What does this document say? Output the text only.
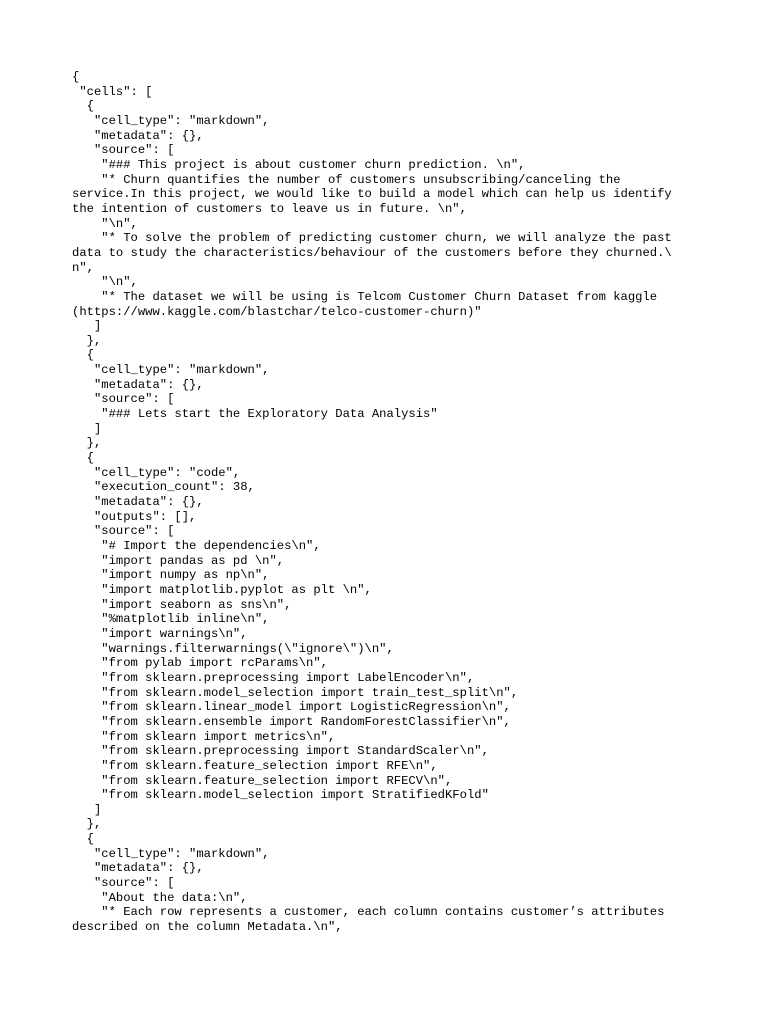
{
"cells": [
{
"cell_type": "markdown",
"metadata": {},
"source": [
"### This project is about customer churn prediction. \n",
"* Churn quantifies the number of customers unsubscribing/canceling the
service.In this project, we would like to build a model which can help us identify
the intention of customers to leave us in future. \n",
"\n",
"* To solve the problem of predicting customer churn, we will analyze the past
data to study the characteristics/behaviour of the customers before they churned.\
n",
"\n",
"* The dataset we will be using is Telcom Customer Churn Dataset from kaggle
(https://www.kaggle.com/blastchar/telco-customer-churn)"
]
},
{
"cell_type": "markdown",
"metadata": {},
"source": [
"### Lets start the Exploratory Data Analysis"
]
},
{
"cell_type": "code",
"execution_count": 38,
"metadata": {},
"outputs": [],
"source": [
"# Import the dependencies\n",
"import pandas as pd \n",
"import numpy as np\n",
"import matplotlib.pyplot as plt \n",
"import seaborn as sns\n",
"%matplotlib inline\n",
"import warnings\n",
"warnings.filterwarnings(\"ignore\")\n",
"from pylab import rcParams\n",
"from sklearn.preprocessing import LabelEncoder\n",
"from sklearn.model_selection import train_test_split\n",
"from sklearn.linear_model import LogisticRegression\n",
"from sklearn.ensemble import RandomForestClassifier\n",
"from sklearn import metrics\n",
"from sklearn.preprocessing import StandardScaler\n",
"from sklearn.feature_selection import RFE\n",
"from sklearn.feature_selection import RFECV\n",
"from sklearn.model_selection import StratifiedKFold"
]
},
{
"cell_type": "markdown",
"metadata": {},
"source": [
"About the data:\n",
"* Each row represents a customer, each column contains customer’s attributes
described on the column Metadata.\n",
